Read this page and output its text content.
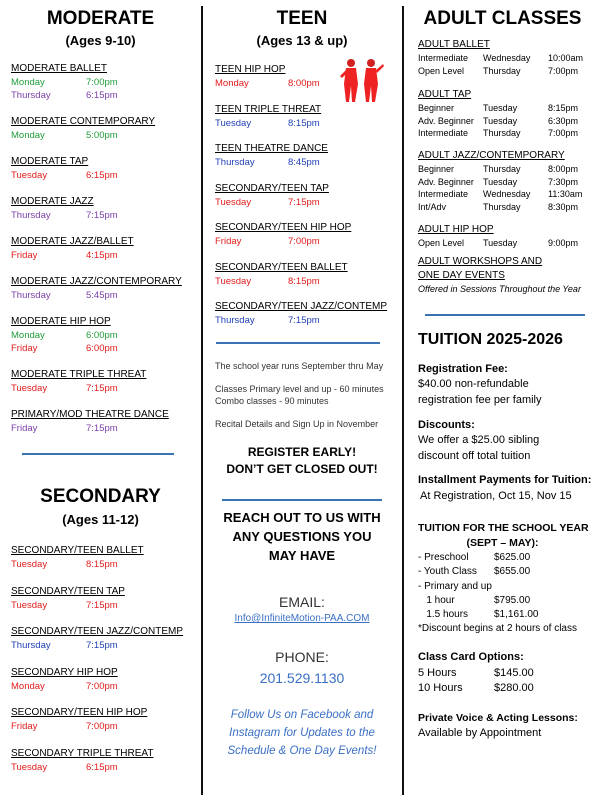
MODERATE
(Ages 9-10)
MODERATE BALLET
Monday	7:00pm
Thursday	6:15pm
MODERATE CONTEMPORARY
Monday	5:00pm
MODERATE TAP
Tuesday	6:15pm
MODERATE JAZZ
Thursday	7:15pm
MODERATE JAZZ/BALLET
Friday	4:15pm
MODERATE JAZZ/CONTEMPORARY
Thursday	5:45pm
MODERATE HIP HOP
Monday	6:00pm
Friday	6:00pm
MODERATE TRIPLE THREAT
Tuesday	7:15pm
PRIMARY/MOD THEATRE DANCE
Friday	7:15pm
SECONDARY
(Ages 11-12)
SECONDARY/TEEN BALLET
Tuesday	8:15pm
SECONDARY/TEEN TAP
Tuesday	7:15pm
SECONDARY/TEEN JAZZ/CONTEMP
Thursday	7:15pm
SECONDARY HIP HOP
Monday	7:00pm
SECONDARY/TEEN HIP HOP
Friday	7:00pm
SECONDARY TRIPLE THREAT
Tuesday	6:15pm
TEEN
(Ages 13 & up)
TEEN HIP HOP
Monday	8:00pm
TEEN TRIPLE THREAT
Tuesday	8:15pm
TEEN THEATRE DANCE
Thursday	8:45pm
SECONDARY/TEEN TAP
Tuesday	7:15pm
SECONDARY/TEEN HIP HOP
Friday	7:00pm
SECONDARY/TEEN BALLET
Tuesday	8:15pm
SECONDARY/TEEN JAZZ/CONTEMP
Thursday	7:15pm
The school year runs September thru May
Classes Primary level and up - 60 minutes
Combo classes - 90 minutes
Recital Details and Sign Up in November
REGISTER EARLY!
DON’T GET CLOSED OUT!
REACH OUT TO US WITH
ANY QUESTIONS YOU
MAY HAVE
EMAIL:
Info@InfiniteMotion-PAA.COM
PHONE:
201.529.1130
Follow Us on Facebook and
Instagram for Updates to the
Schedule & One Day Events!
ADULT CLASSES
ADULT BALLET
Intermediate Wednesday 10:00am
Open Level Thursday	7:00pm
ADULT TAP
Beginner	Tuesday	8:15pm
Adv. Beginner Tuesday	6:30pm
Intermediate Thursday	7:00pm
ADULT JAZZ/CONTEMPORARY
Beginner	Thursday	8:00pm
Adv. Beginner Tuesday	7:30pm
Intermediate Wednesday 11:30am
Int/Adv	Thursday	8:30pm
ADULT HIP HOP
Open Level Tuesday	9:00pm
ADULT WORKSHOPS AND
ONE DAY EVENTS
Offered in Sessions Throughout the Year
TUITION 2025-2026
Registration Fee:
$40.00 non-refundable
registration fee per family
Discounts:
We offer a $25.00 sibling
discount off total tuition
Installment Payments for Tuition:
At Registration, Oct 15, Nov 15
TUITION FOR THE SCHOOL YEAR
(SEPT – MAY):
- Preschool	$625.00
- Youth Class $655.00
- Primary and up
1 hour	$795.00
1.5 hours	$1,161.00
*Discount begins at 2 hours of class
Class Card Options:
5 Hours	$145.00
10 Hours	$280.00
Private Voice & Acting Lessons:
Available by Appointment
